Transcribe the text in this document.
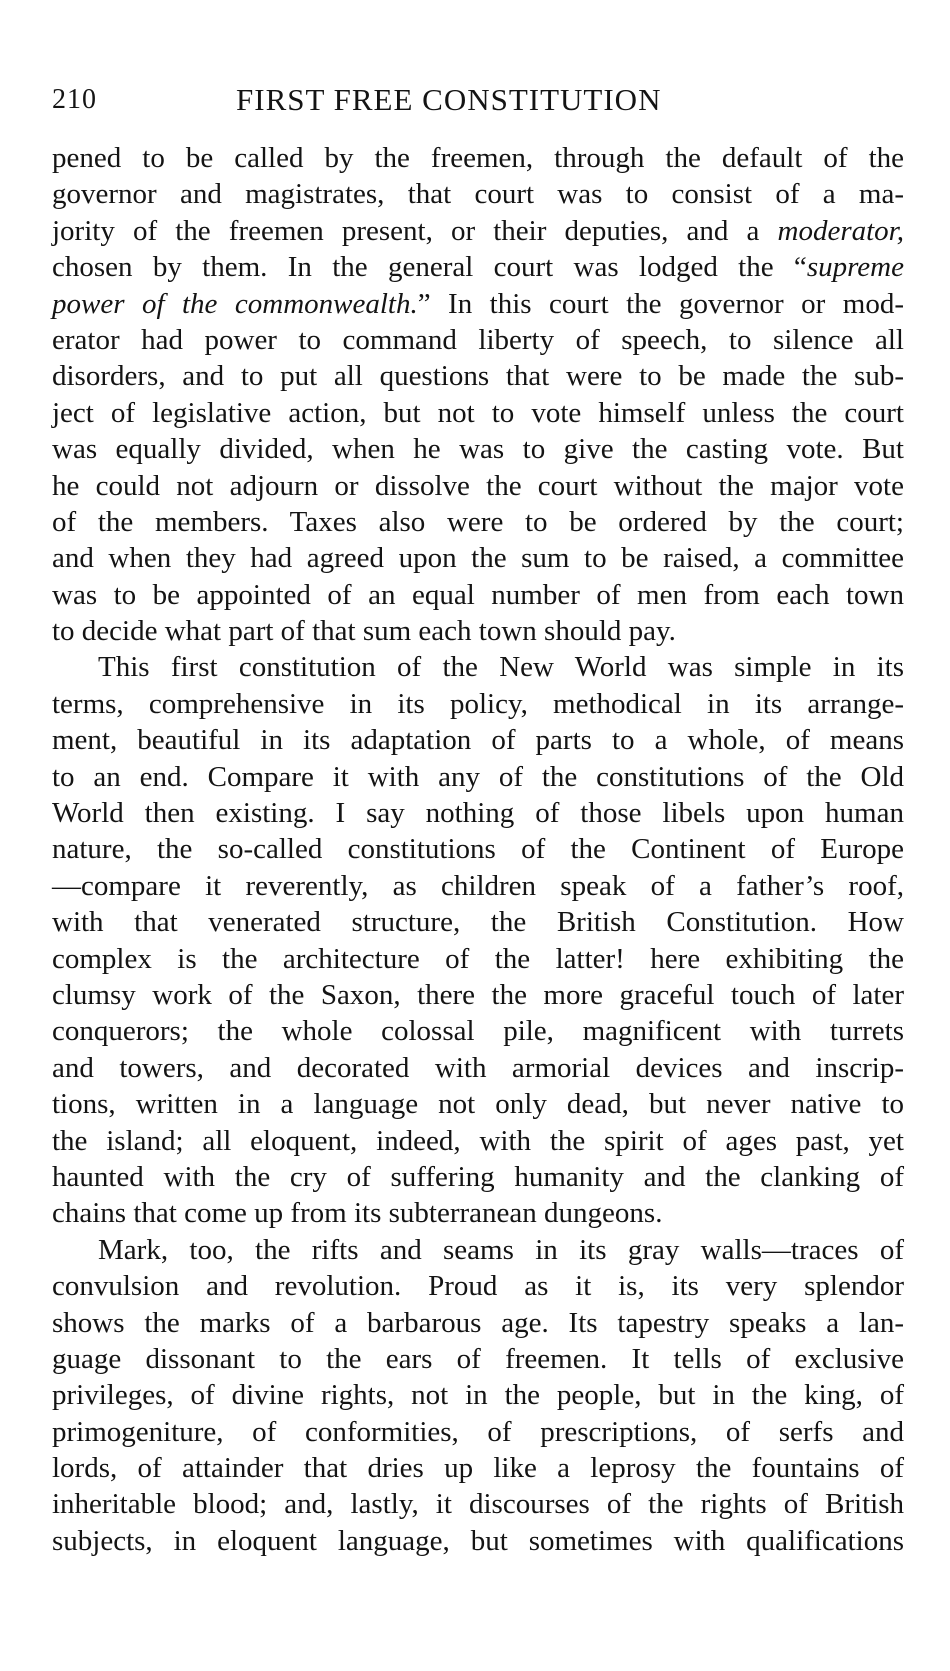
210	FIRST FREE CONSTITUTION
pened to be called by the freemen, through the default of the
governor and magistrates, that court was to consist of a ma-
jority of the freemen present, or their deputies, and a moderator,
chosen by them. In the general court was lodged the “supreme
power of the commonwealth.” In this court the governor or mod-
erator had power to command liberty of speech, to silence all
disorders, and to put all questions that were to be made the sub-
ject of legislative action, but not to vote himself unless the court
was equally divided, when he was to give the casting vote. But
he could not adjourn or dissolve the court without the major vote
of the members. Taxes also were to be ordered by the court;
and when they had agreed upon the sum to be raised, a committee
was to be appointed of an equal number of men from each town
to decide what part of that sum each town should pay.
This first constitution of the New World was simple in its
terms, comprehensive in its policy, methodical in its arrange-
ment, beautiful in its adaptation of parts to a whole, of means
to an end. Compare it with any of the constitutions of the Old
World then existing. I say nothing of those libels upon human
nature, the so-called constitutions of the Continent of Europe
—compare it reverently, as children speak of a father’s roof,
with that venerated structure, the British Constitution. How
complex is the architecture of the latter! here exhibiting the
clumsy work of the Saxon, there the more graceful touch of later
conquerors; the whole colossal pile, magnificent with turrets
and towers, and decorated with armorial devices and inscrip-
tions, written in a language not only dead, but never native to
the island; all eloquent, indeed, with the spirit of ages past, yet
haunted with the cry of suffering humanity and the clanking of
chains that come up from its subterranean dungeons.
Mark, too, the rifts and seams in its gray walls—traces of
convulsion and revolution. Proud as it is, its very splendor
shows the marks of a barbarous age. Its tapestry speaks a lan-
guage dissonant to the ears of freemen. It tells of exclusive
privileges, of divine rights, not in the people, but in the king, of
primogeniture, of conformities, of prescriptions, of serfs and
lords, of attainder that dries up like a leprosy the fountains of
inheritable blood; and, lastly, it discourses of the rights of British
subjects, in eloquent language, but sometimes with qualifications
